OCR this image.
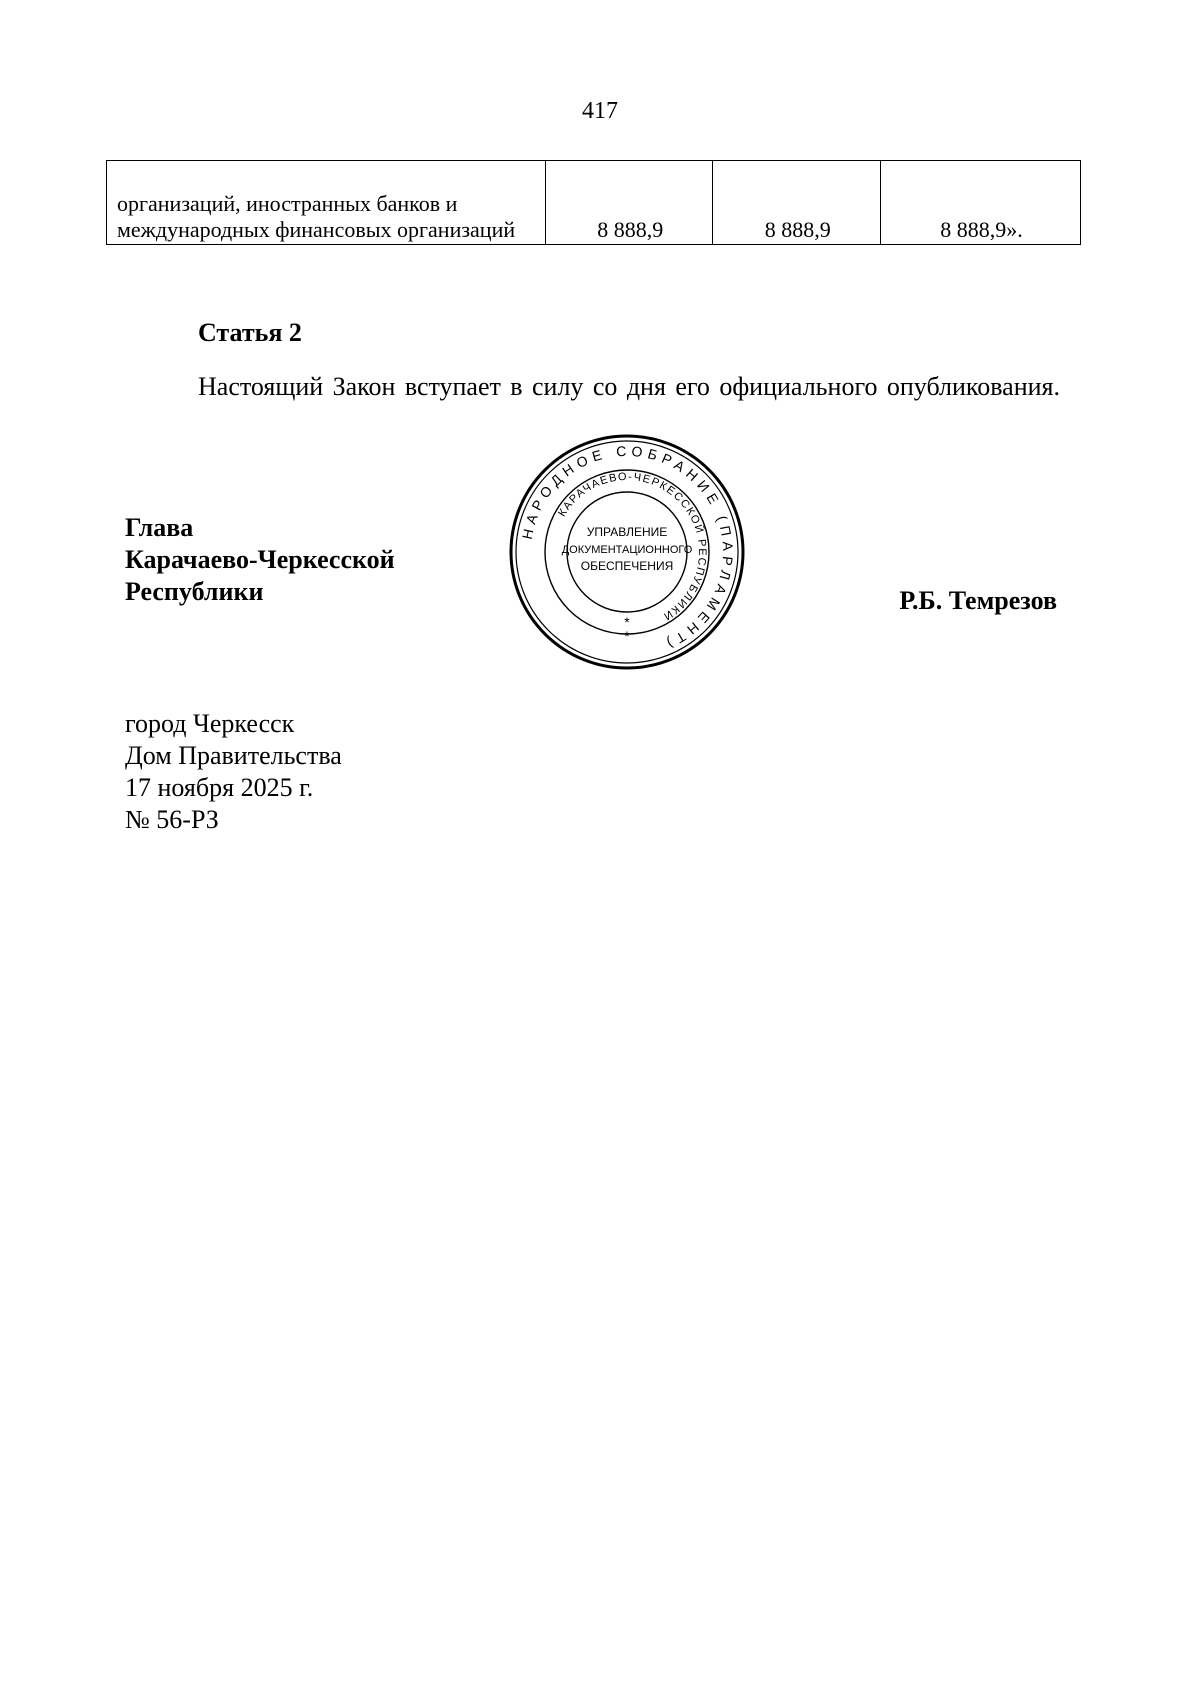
417
организаций, иностранных банков и международных финансовых организаций	8 888,9	8 888,9	8 888,9».
Статья 2
Настоящий Закон вступает в силу со дня его официального опубликования.
Глава
Карачаево-Черкесской
Республики	Р.Б. Темрезов
НАРОДНОЕ СОБРАНИЕ (ПАРЛАМЕНТ)
КАРАЧАЕВО-ЧЕРКЕССКОЙ РЕСПУБЛИКИ
УПРАВЛЕНИЕ
ДОКУМЕНТАЦИОННОГО
ОБЕСПЕЧЕНИЯ
*
*
город Черкесск
Дом Правительства
17 ноября 2025 г.
№ 56-РЗ
